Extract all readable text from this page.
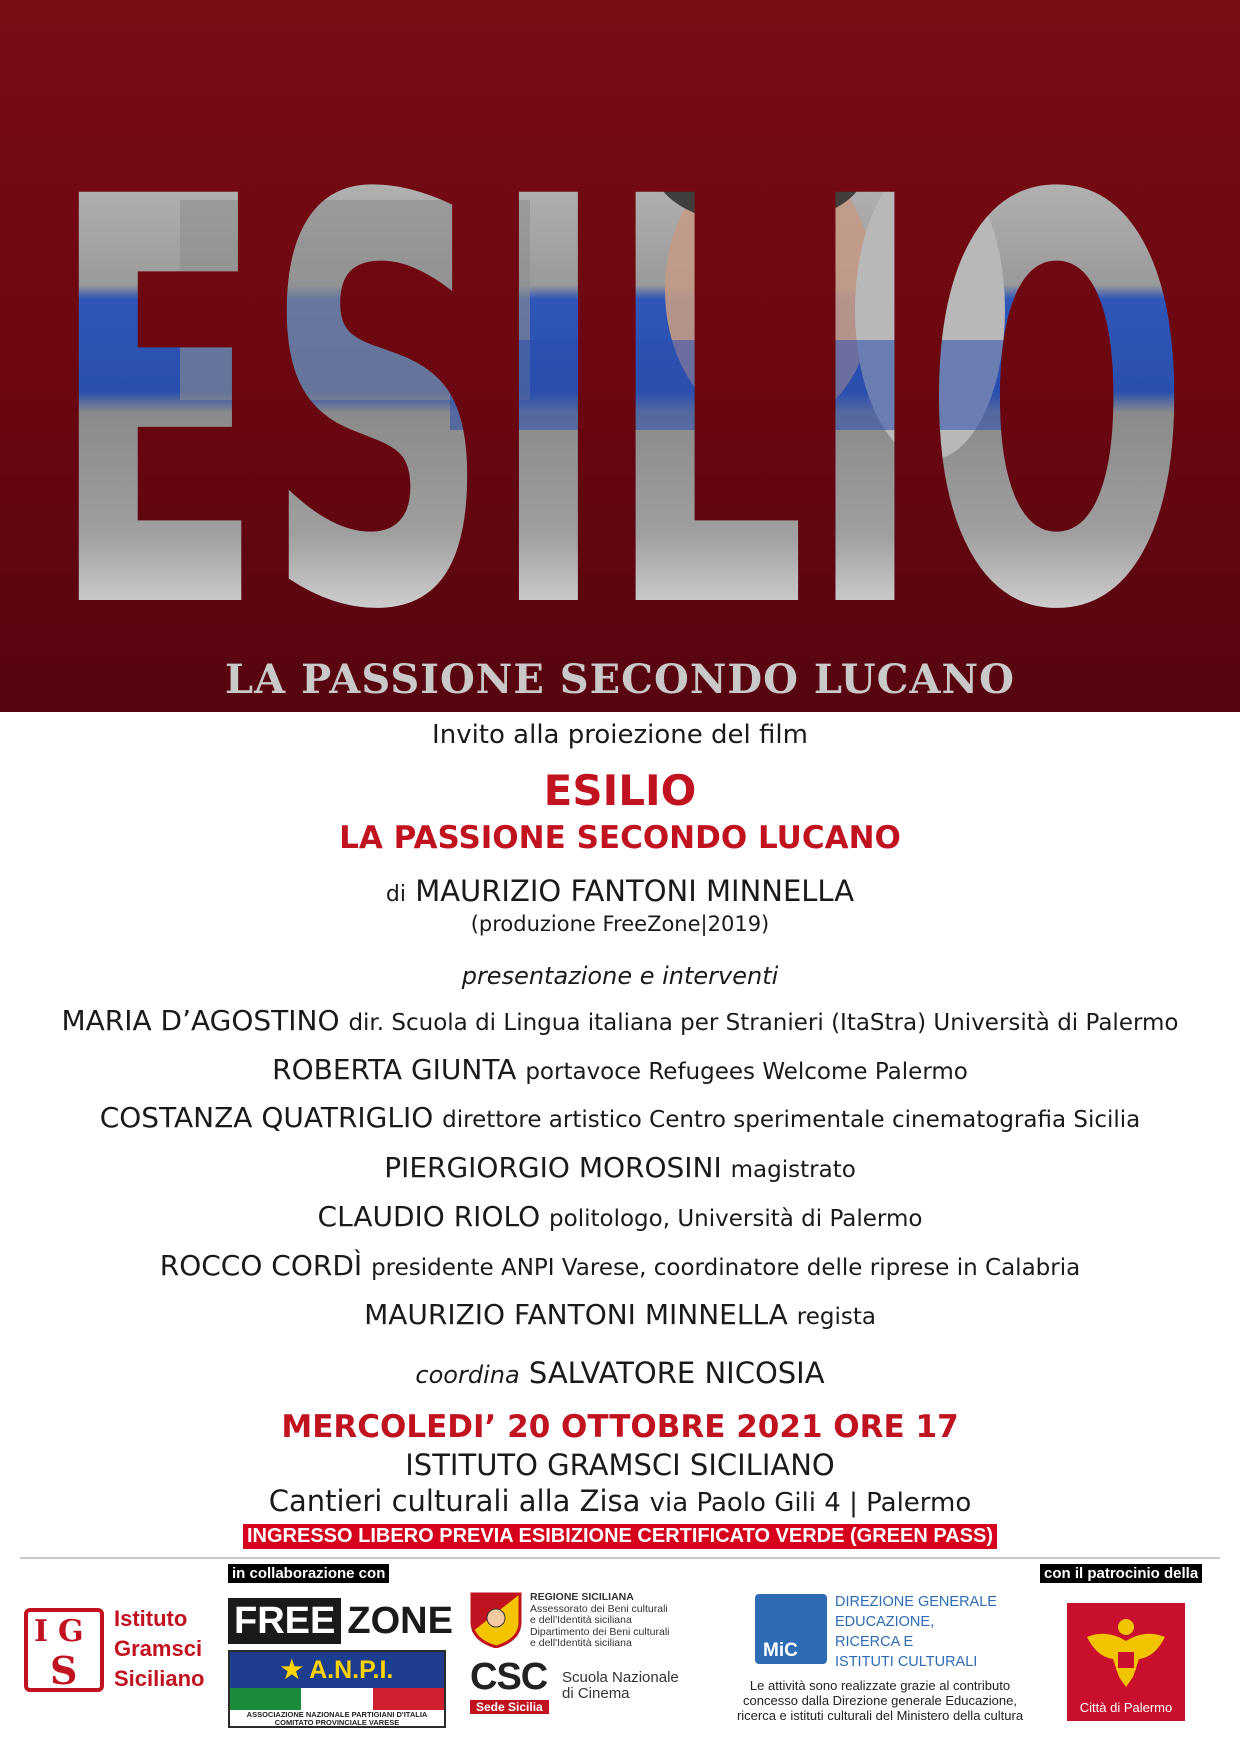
LA PASSIONE SECONDO LUCANO
Invito alla proiezione del film
ESILIO
LA PASSIONE SECONDO LUCANO
di MAURIZIO FANTONI MINNELLA
(produzione FreeZone|2019)
presentazione e interventi
MARIA D’AGOSTINO dir. Scuola di Lingua italiana per Stranieri (ItaStra) Università di Palermo
ROBERTA GIUNTA portavoce Refugees Welcome Palermo
COSTANZA QUATRIGLIO direttore artistico Centro sperimentale cinematografia Sicilia
PIERGIORGIO MOROSINI magistrato
CLAUDIO RIOLO politologo, Università di Palermo
ROCCO CORDÌ presidente ANPI Varese, coordinatore delle riprese in Calabria
MAURIZIO FANTONI MINNELLA regista
coordina SALVATORE NICOSIA
MERCOLEDI’ 20 OTTOBRE 2021 ORE 17
ISTITUTO GRAMSCI SICILIANO
Cantieri culturali alla Zisa via Paolo Gili 4 | Palermo
INGRESSO LIBERO PREVIA ESIBIZIONE CERTIFICATO VERDE (GREEN PASS)
in collaborazione con	con il patrocinio della
I G
S
Istituto
Gramsci
Siciliano
FREE ZONE
★ A.N.P.I.
ASSOCIAZIONE NAZIONALE PARTIGIANI D'ITALIA
COMITATO PROVINCIALE VARESE
REGIONE SICILIANA
Assessorato dei Beni culturali
e dell'Identità siciliana
Dipartimento dei Beni culturali
e dell'Identità siciliana
CSC
Sede Sicilia
Scuola Nazionale
di Cinema
MiC
DIREZIONE GENERALE
EDUCAZIONE,
RICERCA E
ISTITUTI CULTURALI
Le attività sono realizzate grazie al contributo
concesso dalla Direzione generale Educazione,
ricerca e istituti culturali del Ministero della cultura
Città di Palermo
